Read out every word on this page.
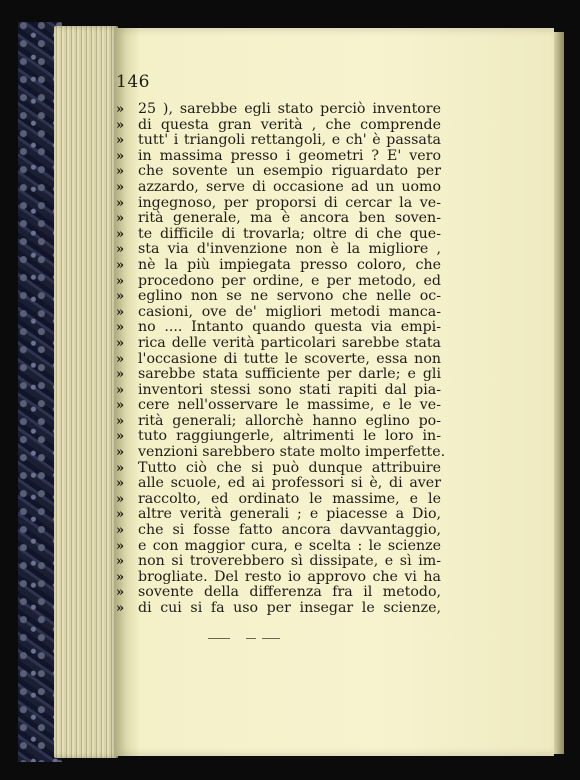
146
» 25 ), sarebbe egli stato perciò inventore
» di questa gran verità , che comprende
» tutt' i triangoli rettangoli, e ch' è passata
» in massima presso i geometri ? E' vero
» che sovente un esempio riguardato per
» azzardo, serve di occasione ad un uomo
» ingegnoso, per proporsi di cercar la ve-
» rità generale, ma è ancora ben soven-
» te difficile di trovarla; oltre di che que-
» sta via d'invenzione non è la migliore ,
» nè la più impiegata presso coloro, che
» procedono per ordine, e per metodo, ed
» eglino non se ne servono che nelle oc-
» casioni, ove de' migliori metodi manca-
» no .... Intanto quando questa via empi-
» rica delle verità particolari sarebbe stata
» l'occasione di tutte le scoverte, essa non
» sarebbe stata sufficiente per darle; e gli
» inventori stessi sono stati rapiti dal pia-
» cere nell'osservare le massime, e le ve-
» rità generali; allorchè hanno eglino po-
» tuto raggiungerle, altrimenti le loro in-
» venzioni sarebbero state molto imperfette.
» Tutto ciò che si può dunque attribuire
» alle scuole, ed ai professori si è, di aver
» raccolto, ed ordinato le massime, e le
» altre verità generali ; e piacesse a Dio,
» che si fosse fatto ancora davvantaggio,
» e con maggior cura, e scelta : le scienze
» non si troverebbero sì dissipate, e sì im-
» brogliate. Del resto io approvo che vi ha
» sovente della differenza fra il metodo,
» di cui si fa uso per insegar le scienze,
